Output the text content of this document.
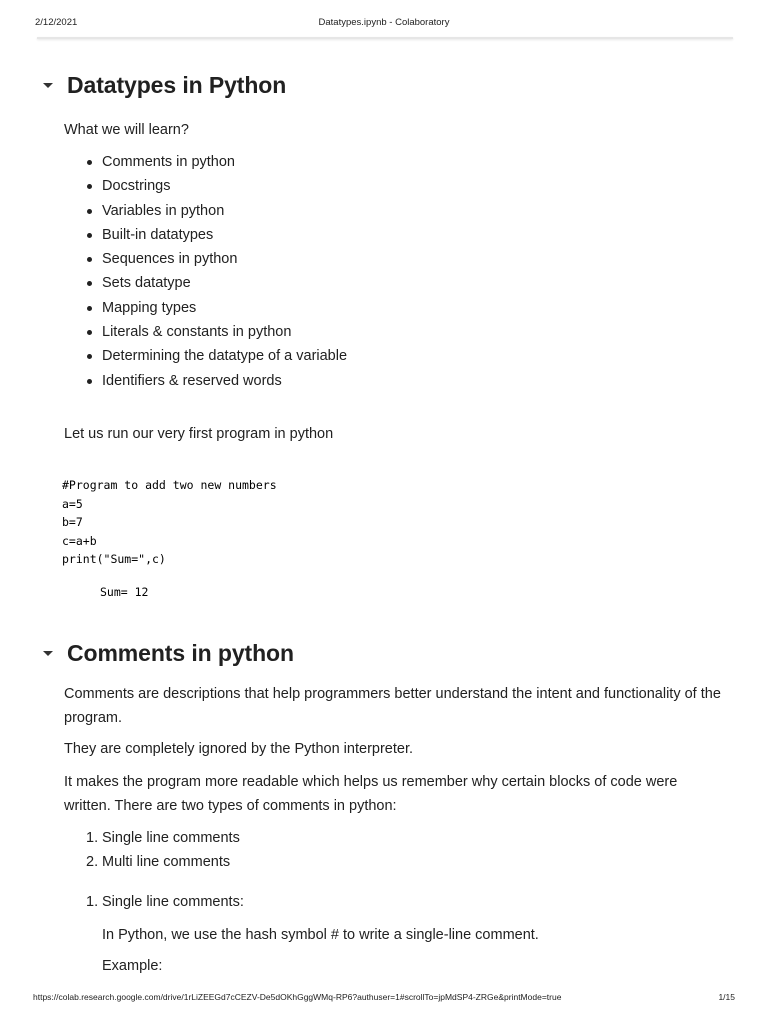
2/12/2021	Datatypes.ipynb - Colaboratory
Datatypes in Python

What we will learn?

Comments in python
Docstrings
Variables in python
Built-in datatypes
Sequences in python
Sets datatype
Mapping types
Literals & constants in python
Determining the datatype of a variable
Identifiers & reserved words

Let us run our very first program in python

#Program to add two new numbers
a=5
b=7
c=a+b
print("Sum=",c)
Sum= 12
Comments in python

Comments are descriptions that help programmers better understand the intent and functionality of the program.

They are completely ignored by the Python interpreter.

It makes the program more readable which helps us remember why certain blocks of code were written. There are two types of comments in python:

1. Single line comments
2. Multi line comments
1. Single line comments:

In Python, we use the hash symbol # to write a single-line comment.

Example:

https://colab.research.google.com/drive/1rLiZEEGd7cCEZV-De5dOKhGggWMq-RP6?authuser=1#scrollTo=jpMdSP4-ZRGe&printMode=true	1/15
